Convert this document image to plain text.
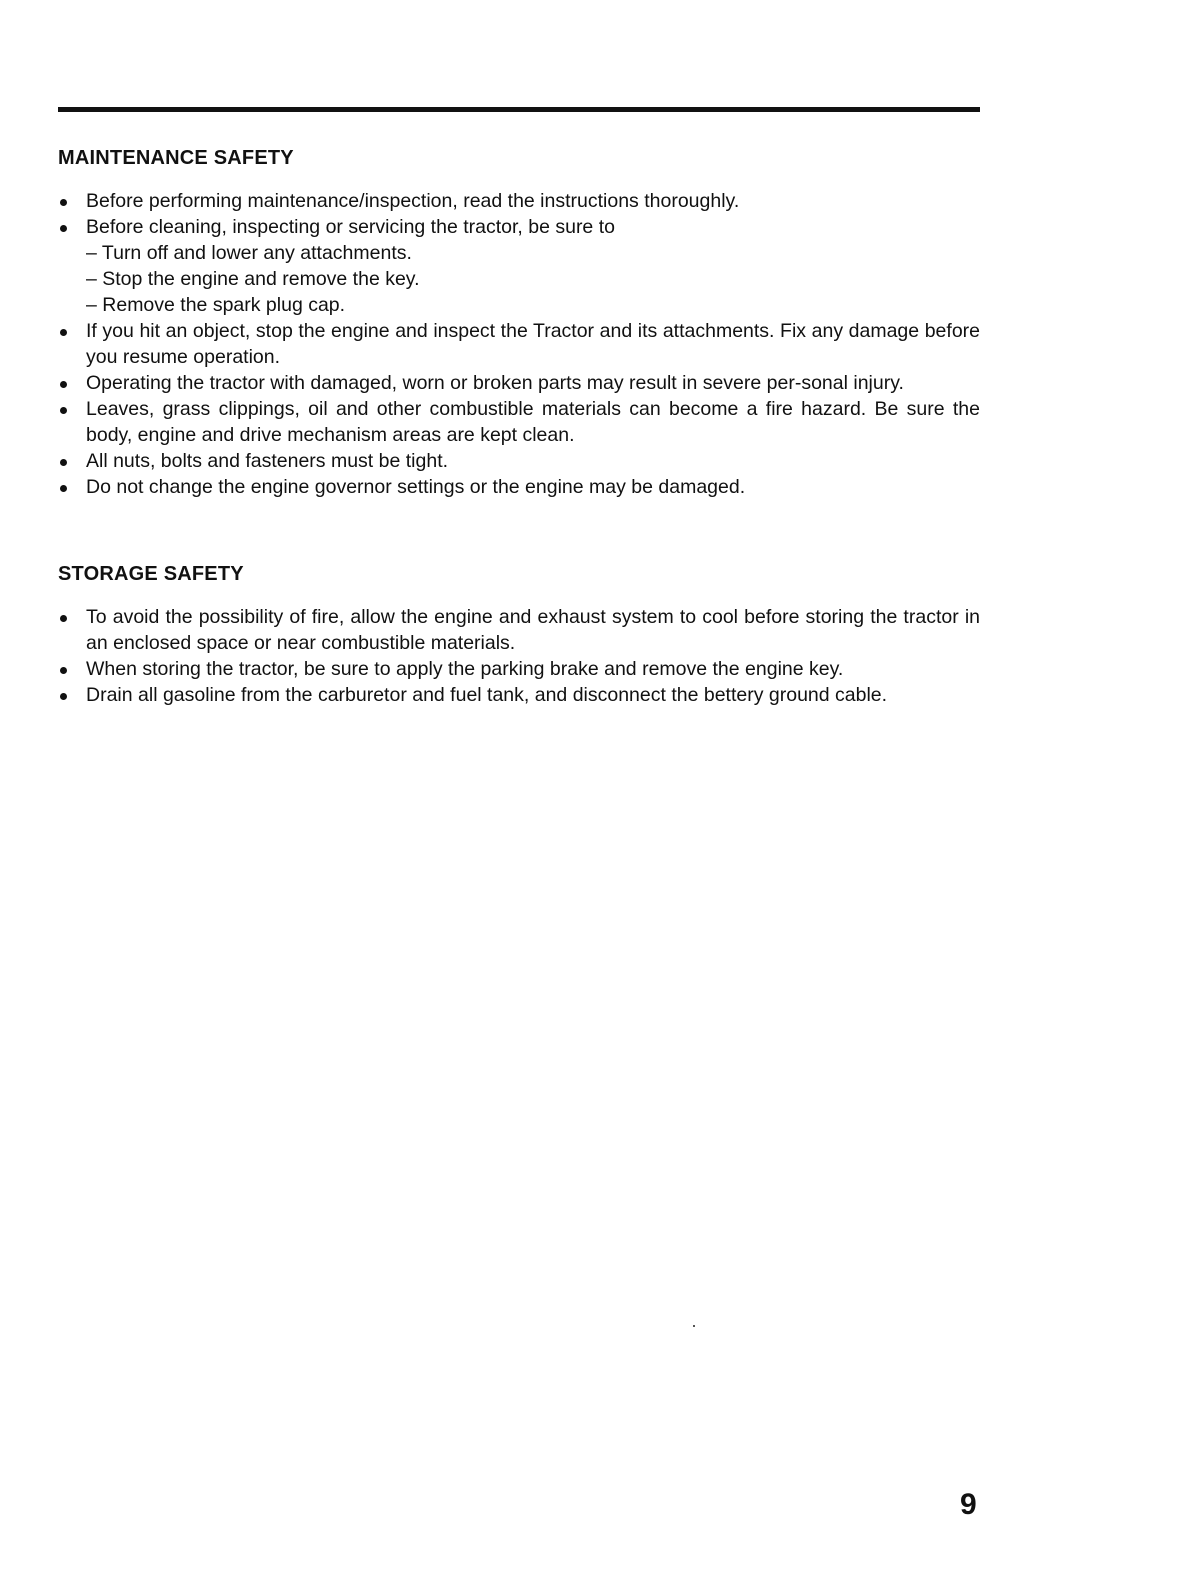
MAINTENANCE SAFETY
Before performing maintenance/inspection, read the instructions thoroughly.
Before cleaning, inspecting or servicing the tractor, be sure to
– Turn off and lower any attachments.
– Stop the engine and remove the key.
– Remove the spark plug cap.
If you hit an object, stop the engine and inspect the Tractor and its attachments. Fix any damage before you resume operation.
Operating the tractor with damaged, worn or broken parts may result in severe per-sonal injury.
Leaves, grass clippings, oil and other combustible materials can become a fire hazard. Be sure the body, engine and drive mechanism areas are kept clean.
All nuts, bolts and fasteners must be tight.
Do not change the engine governor settings or the engine may be damaged.
STORAGE SAFETY
To avoid the possibility of fire, allow the engine and exhaust system to cool before storing the tractor in an enclosed space or near combustible materials.
When storing the tractor, be sure to apply the parking brake and remove the engine key.
Drain all gasoline from the carburetor and fuel tank, and disconnect the bettery ground cable.
9
